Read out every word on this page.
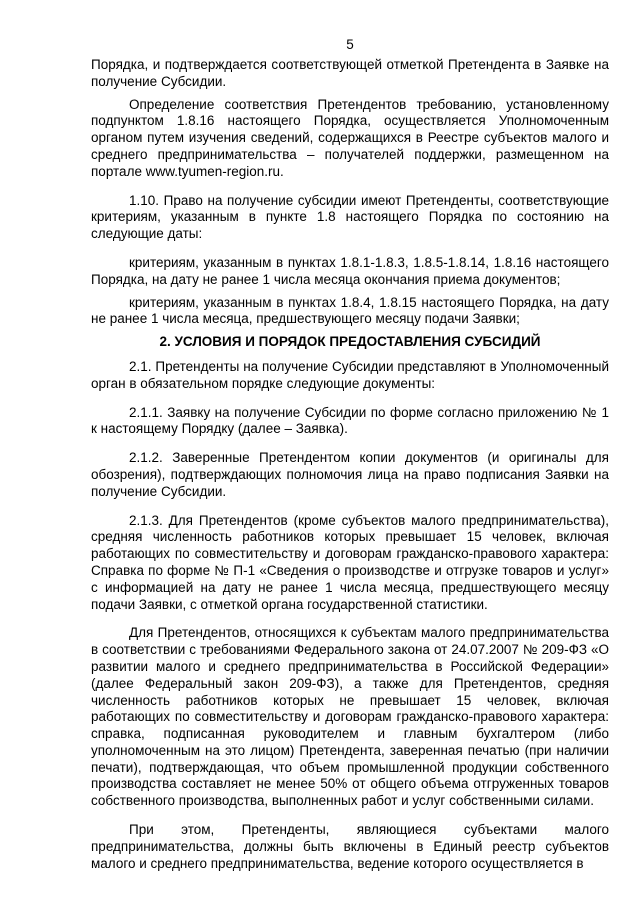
5

Порядка, и подтверждается соответствующей отметкой Претендента в Заявке на получение Субсидии.

Определение соответствия Претендентов требованию, установленному подпунктом 1.8.16 настоящего Порядка, осуществляется Уполномоченным органом путем изучения сведений, содержащихся в Реестре субъектов малого и среднего предпринимательства – получателей поддержки, размещенном на портале www.tyumen-region.ru.

1.10. Право на получение субсидии имеют Претенденты, соответствующие критериям, указанным в пункте 1.8 настоящего Порядка по состоянию на следующие даты:

критериям, указанным в пунктах 1.8.1-1.8.3, 1.8.5-1.8.14, 1.8.16 настоящего Порядка, на дату не ранее 1 числа месяца окончания приема документов;

критериям, указанным в пунктах 1.8.4, 1.8.15 настоящего Порядка, на дату не ранее 1 числа месяца, предшествующего месяцу подачи Заявки;

2. УСЛОВИЯ И ПОРЯДОК ПРЕДОСТАВЛЕНИЯ СУБСИДИЙ

2.1. Претенденты на получение Субсидии представляют в Уполномоченный орган в обязательном порядке следующие документы:

2.1.1. Заявку на получение Субсидии по форме согласно приложению № 1 к настоящему Порядку (далее – Заявка).

2.1.2. Заверенные Претендентом копии документов (и оригиналы для обозрения), подтверждающих полномочия лица на право подписания Заявки на получение Субсидии.

2.1.3. Для Претендентов (кроме субъектов малого предпринимательства), средняя численность работников которых превышает 15 человек, включая работающих по совместительству и договорам гражданско-правового характера: Справка по форме № П-1 «Сведения о производстве и отгрузке товаров и услуг» с информацией на дату не ранее 1 числа месяца, предшествующего месяцу подачи Заявки, с отметкой органа государственной статистики.

Для Претендентов, относящихся к субъектам малого предпринимательства в соответствии с требованиями Федерального закона от 24.07.2007 № 209-ФЗ «О развитии малого и среднего предпринимательства в Российской Федерации» (далее Федеральный закон 209-ФЗ), а также для Претендентов, средняя численность работников которых не превышает 15 человек, включая работающих по совместительству и договорам гражданско-правового характера: справка, подписанная руководителем и главным бухгалтером (либо уполномоченным на это лицом) Претендента, заверенная печатью (при наличии печати), подтверждающая, что объем промышленной продукции собственного производства составляет не менее 50% от общего объема отгруженных товаров собственного производства, выполненных работ и услуг собственными силами.

При этом, Претенденты, являющиеся субъектами малого предпринимательства, должны быть включены в Единый реестр субъектов малого и среднего предпринимательства, ведение которого осуществляется в
